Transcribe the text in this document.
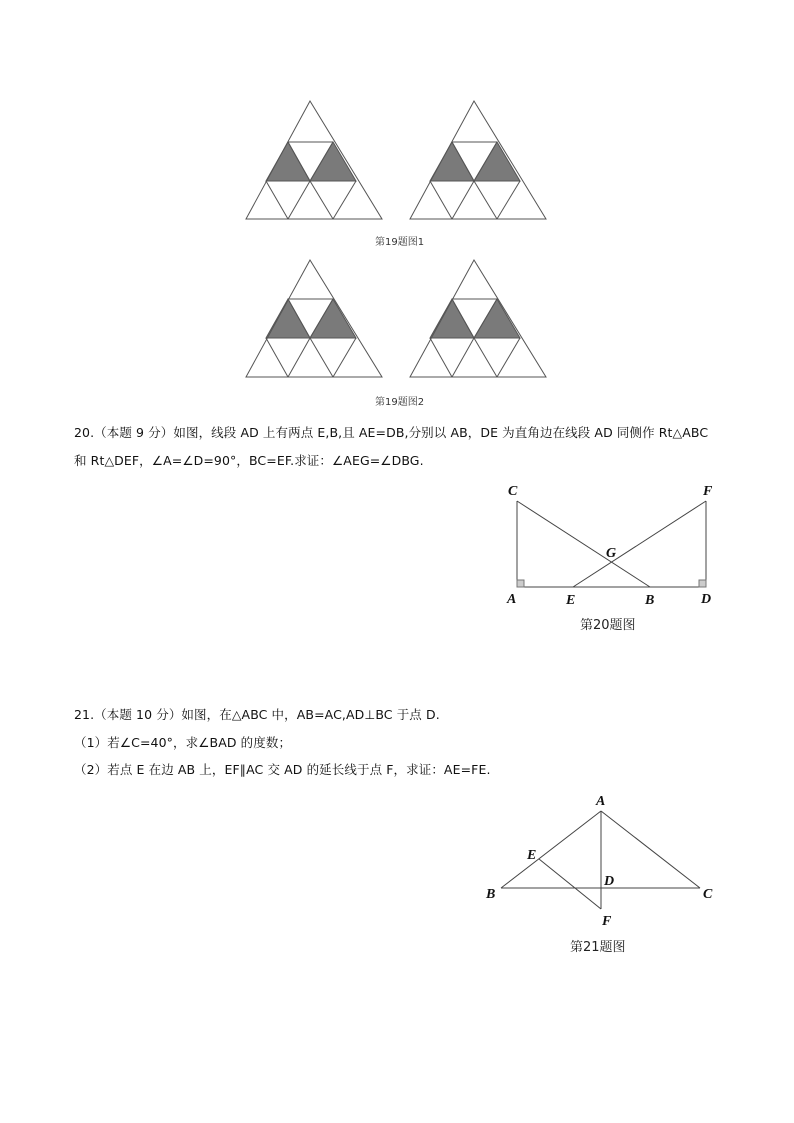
第19题图1
第19题图2
20.（本题 9 分）如图，线段 AD 上有两点 E,B,且 AE=DB,分别以 AB，DE 为直角边在线段 AD 同侧作 Rt△ABC
和 Rt△DEF，∠A=∠D=90°，BC=EF.求证：∠AEG=∠DBG.
C	F
G
A	E	B	D
第20题图
21.（本题 10 分）如图，在△ABC 中，AB=AC,AD⊥BC 于点 D.
（1）若∠C=40°，求∠BAD 的度数；
（2）若点 E 在边 AB 上，EF∥AC 交 AD 的延长线于点 F，求证：AE=FE.
A
E
B
D
C
F
第21题图
